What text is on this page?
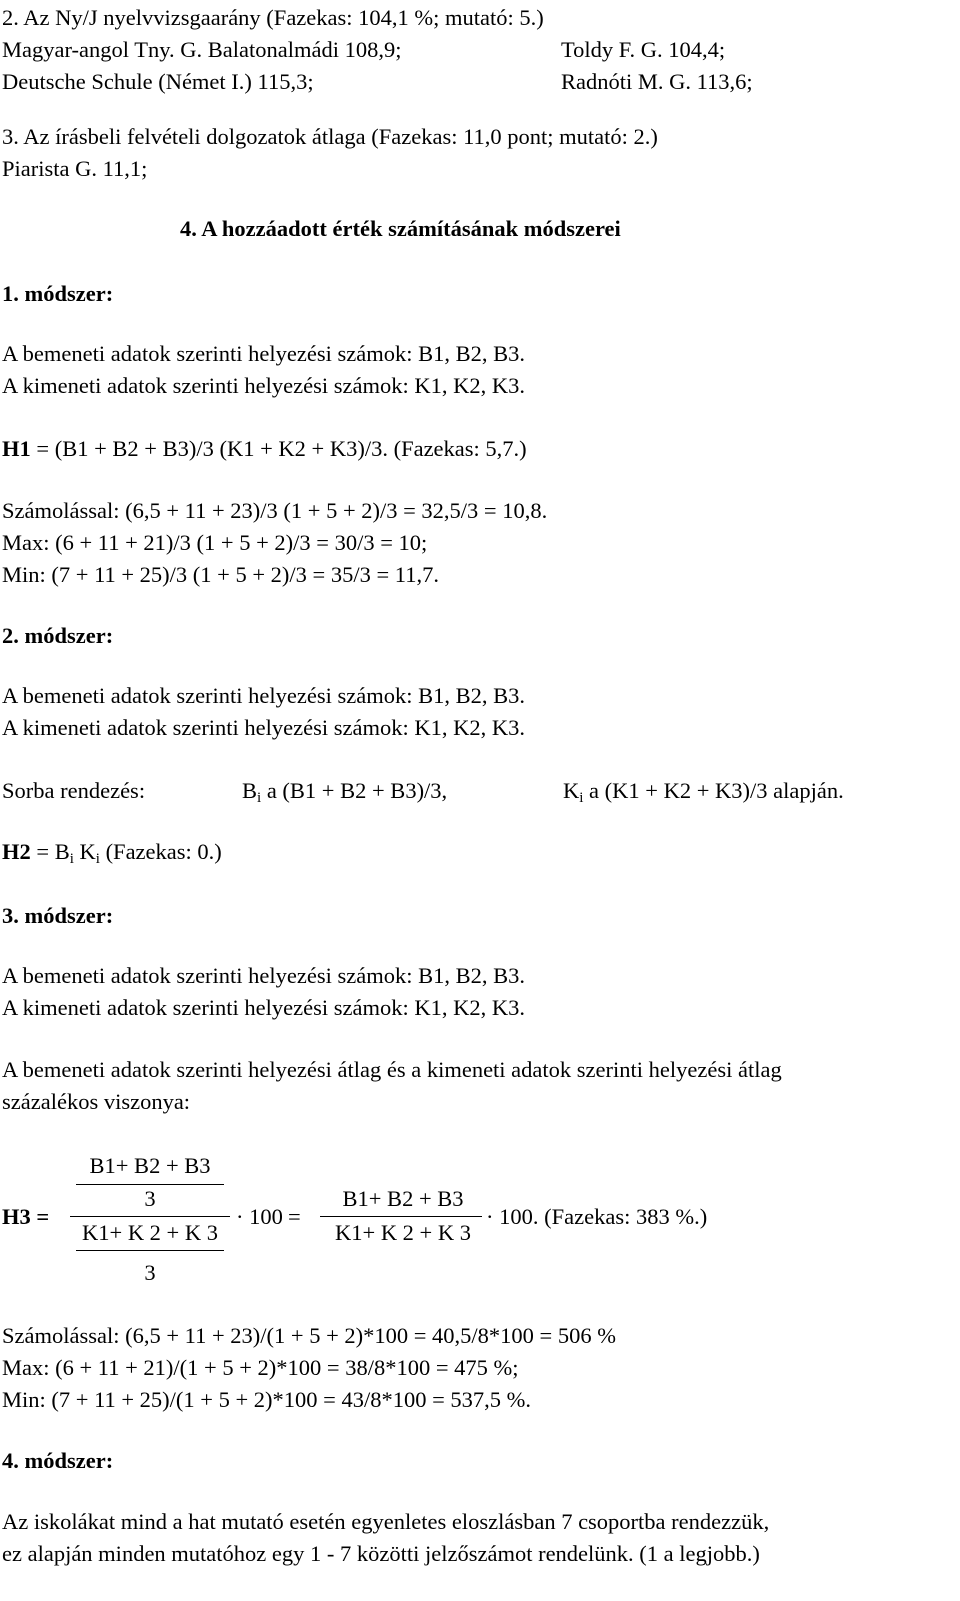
2. Az Ny/J nyelvvizsgaarány (Fazekas: 104,1 %; mutató: 5.)
Magyar-angol Tny. G. Balatonalmádi 108,9;	Toldy F. G. 104,4;
Deutsche Schule (Német I.) 115,3;	Radnóti M. G. 113,6;
3. Az írásbeli felvételi dolgozatok átlaga (Fazekas: 11,0 pont; mutató: 2.)
Piarista G. 11,1;
4. A hozzáadott érték számításának módszerei
1. módszer:
A bemeneti adatok szerinti helyezési számok: B1, B2, B3.
A kimeneti adatok szerinti helyezési számok: K1, K2, K3.
H1 = (B1 + B2 + B3)/3 (K1 + K2 + K3)/3. (Fazekas: 5,7.)
Számolással: (6,5 + 11 + 23)/3 (1 + 5 + 2)/3 = 32,5/3 = 10,8.
Max: (6 + 11 + 21)/3 (1 + 5 + 2)/3 = 30/3 = 10;
Min: (7 + 11 + 25)/3 (1 + 5 + 2)/3 = 35/3 = 11,7.
2. módszer:
A bemeneti adatok szerinti helyezési számok: B1, B2, B3.
A kimeneti adatok szerinti helyezési számok: K1, K2, K3.
Sorba rendezés:	$B_i$ a (B1 + B2 + B3)/3,	$K_i$ a (K1 + K2 + K3)/3 alapján.
$H2 = B_i$ $K_i$ (Fazekas: 0.)
3. módszer:
A bemeneti adatok szerinti helyezési számok: B1, B2, B3.
A kimeneti adatok szerinti helyezési számok: K1, K2, K3.
A bemeneti adatok szerinti helyezési átlag és a kimeneti adatok szerinti helyezési átlag
százalékos viszonya:
H3 =
B1+ B2 + B3
3
K1+ K 2 + K 3
3
· 100 =
B1+ B2 + B3
K1+ K 2 + K 3
· 100. (Fazekas: 383 %.)
Számolással: (6,5 + 11 + 23)/(1 + 5 + 2)*100 = 40,5/8*100 = 506 %
Max: (6 + 11 + 21)/(1 + 5 + 2)*100 = 38/8*100 = 475 %;
Min: (7 + 11 + 25)/(1 + 5 + 2)*100 = 43/8*100 = 537,5 %.
4. módszer:
Az iskolákat mind a hat mutató esetén egyenletes eloszlásban 7 csoportba rendezzük,
ez alapján minden mutatóhoz egy 1 - 7 közötti jelzőszámot rendelünk. (1 a legjobb.)
